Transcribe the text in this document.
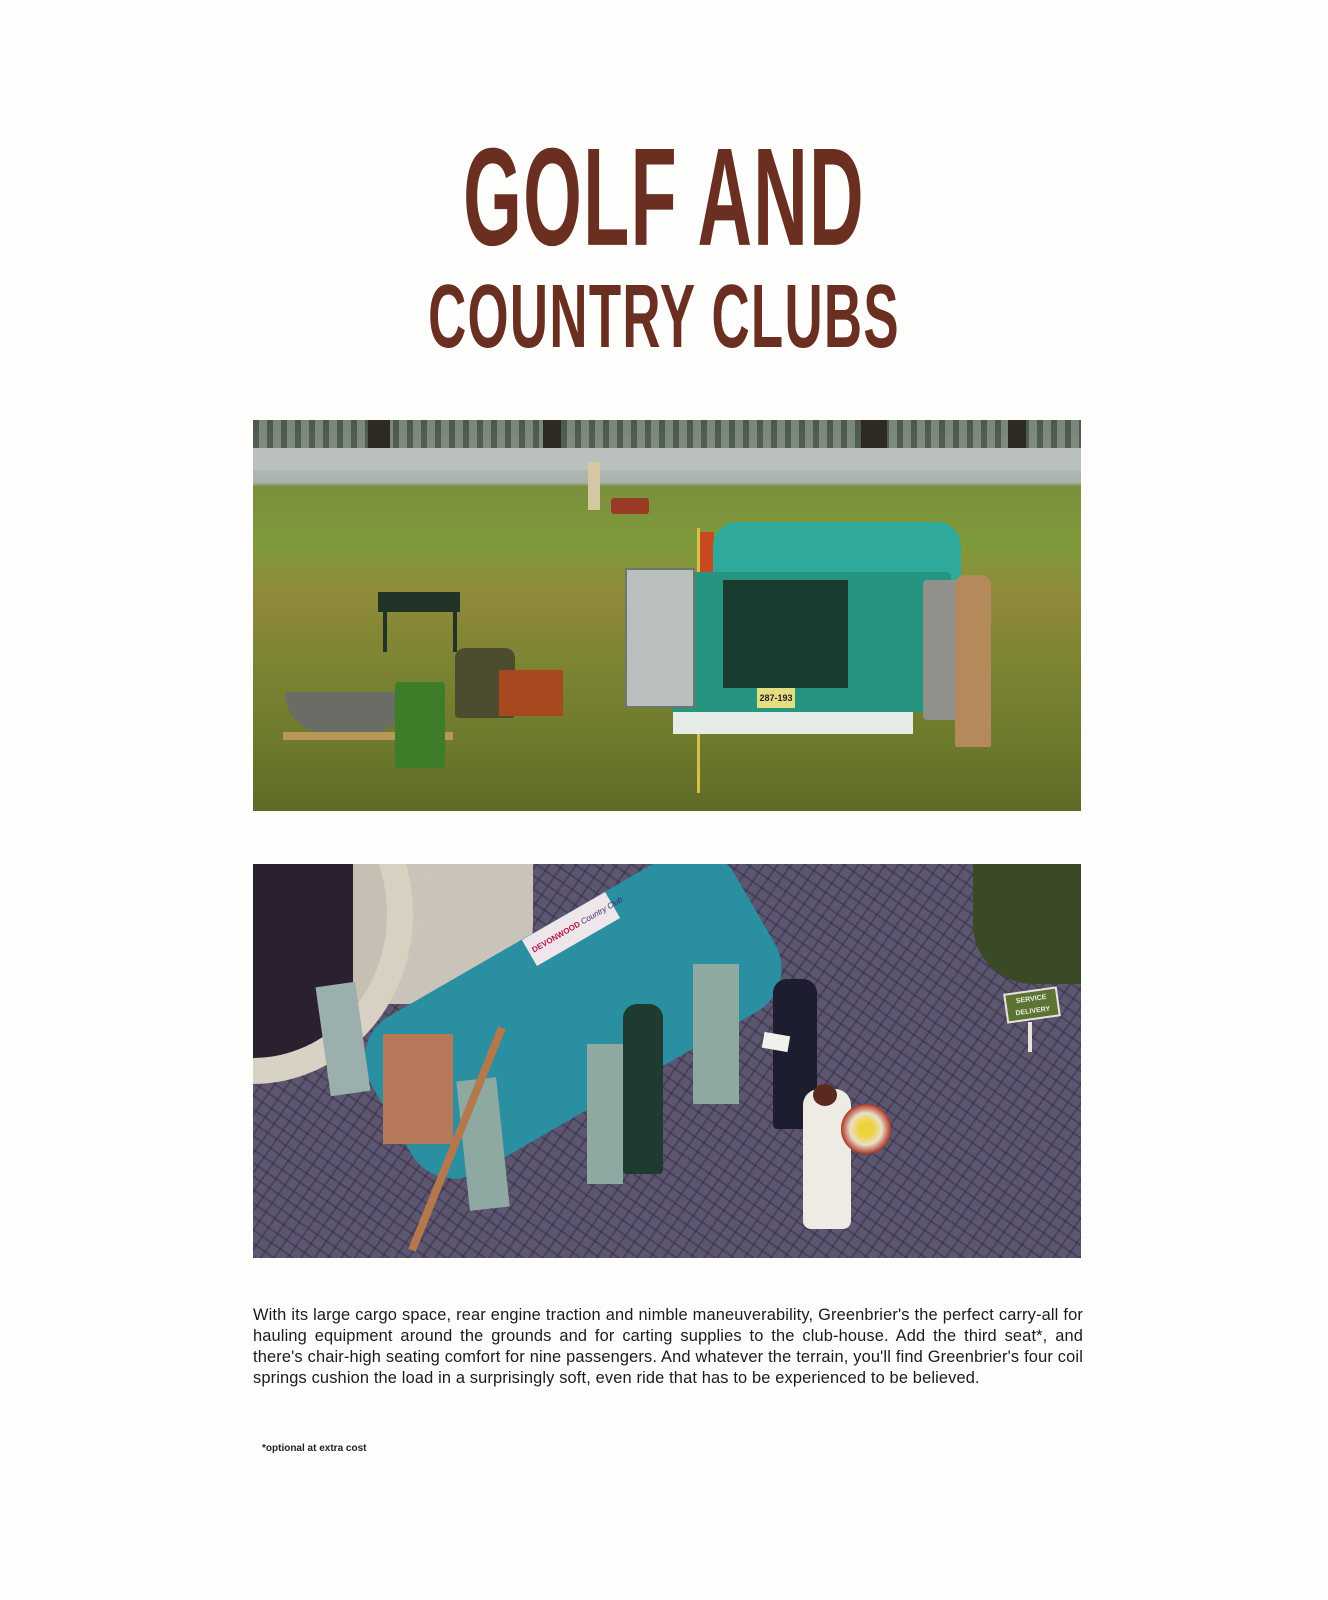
GOLF AND
COUNTRY CLUBS
287-193
SERVICE DELIVERY
DEVONWOOD Country Club

With its large cargo space, rear engine traction and nimble maneuverability, Greenbrier's the perfect carry-all for hauling equipment around the grounds and for carting supplies to the club-house. Add the third seat*, and there's chair-high seating comfort for nine passengers. And whatever the terrain, you'll find Greenbrier's four coil springs cushion the load in a surprisingly soft, even ride that has to be experienced to be believed.

*optional at extra cost
